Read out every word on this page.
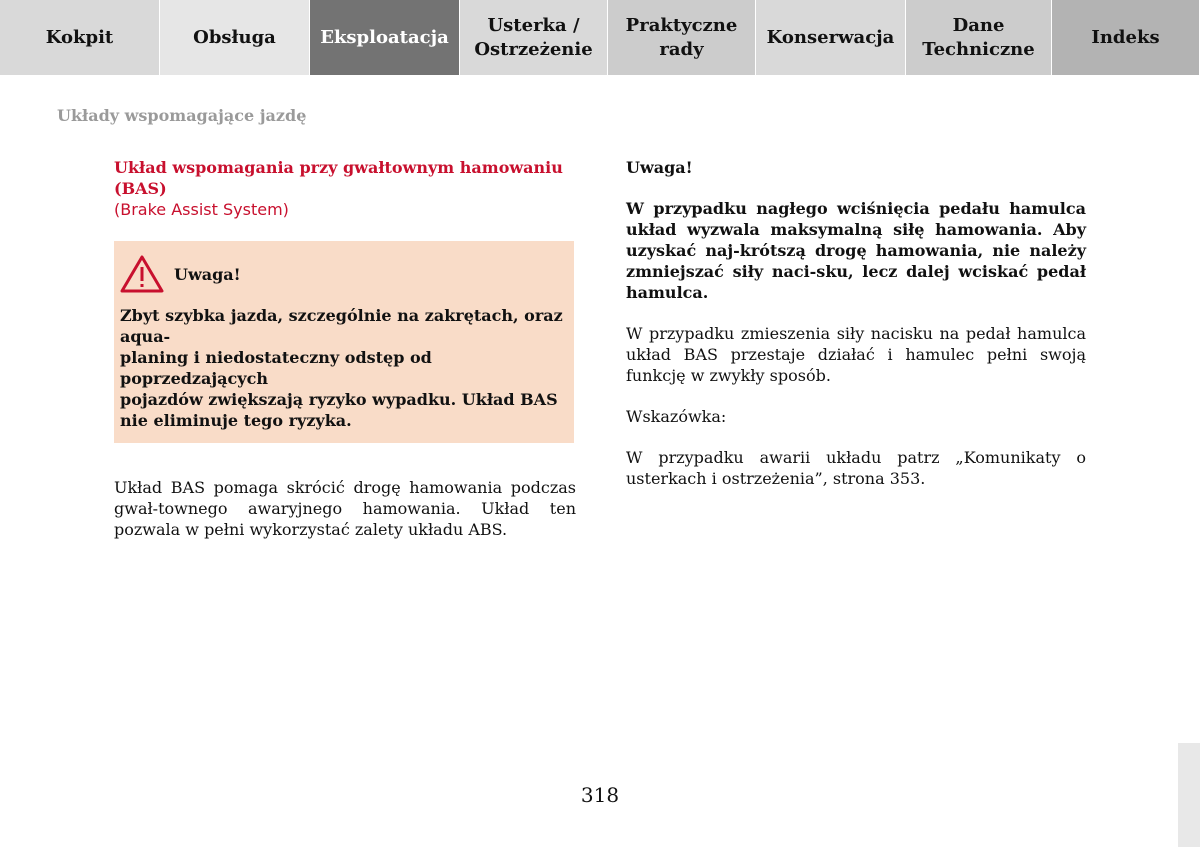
Kokpit	Obsługa Eksploatacja
Usterka /
Ostrzeżenie
Praktyczne
rady
Konserwacja
Dane
Techniczne
Indeks
Układy wspomagające jazdę
Układ wspomagania przy gwałtownym hamowaniu (BAS)
(Brake Assist System)
Uwaga!
Zbyt szybka jazda, szczególnie na zakrętach, oraz aqua-
planing i niedostateczny odstęp od poprzedzających
pojazdów zwiększają ryzyko wypadku. Układ BAS
nie eliminuje tego ryzyka.
Układ BAS pomaga skrócić drogę hamowania podczas gwał-townego awaryjnego hamowania. Układ ten pozwala w pełni wykorzystać zalety układu ABS.
Uwaga!
W przypadku nagłego wciśnięcia pedału hamulca układ wyzwala maksymalną siłę hamowania. Aby uzyskać naj-krótszą drogę hamowania, nie należy zmniejszać siły naci-sku, lecz dalej wciskać pedał hamulca.
W przypadku zmieszenia siły nacisku na pedał hamulca układ BAS przestaje działać i hamulec pełni swoją funkcję w zwykły sposób.
Wskazówka:
W przypadku awarii układu patrz „Komunikaty o usterkach i ostrzeżenia”, strona 353.
318
